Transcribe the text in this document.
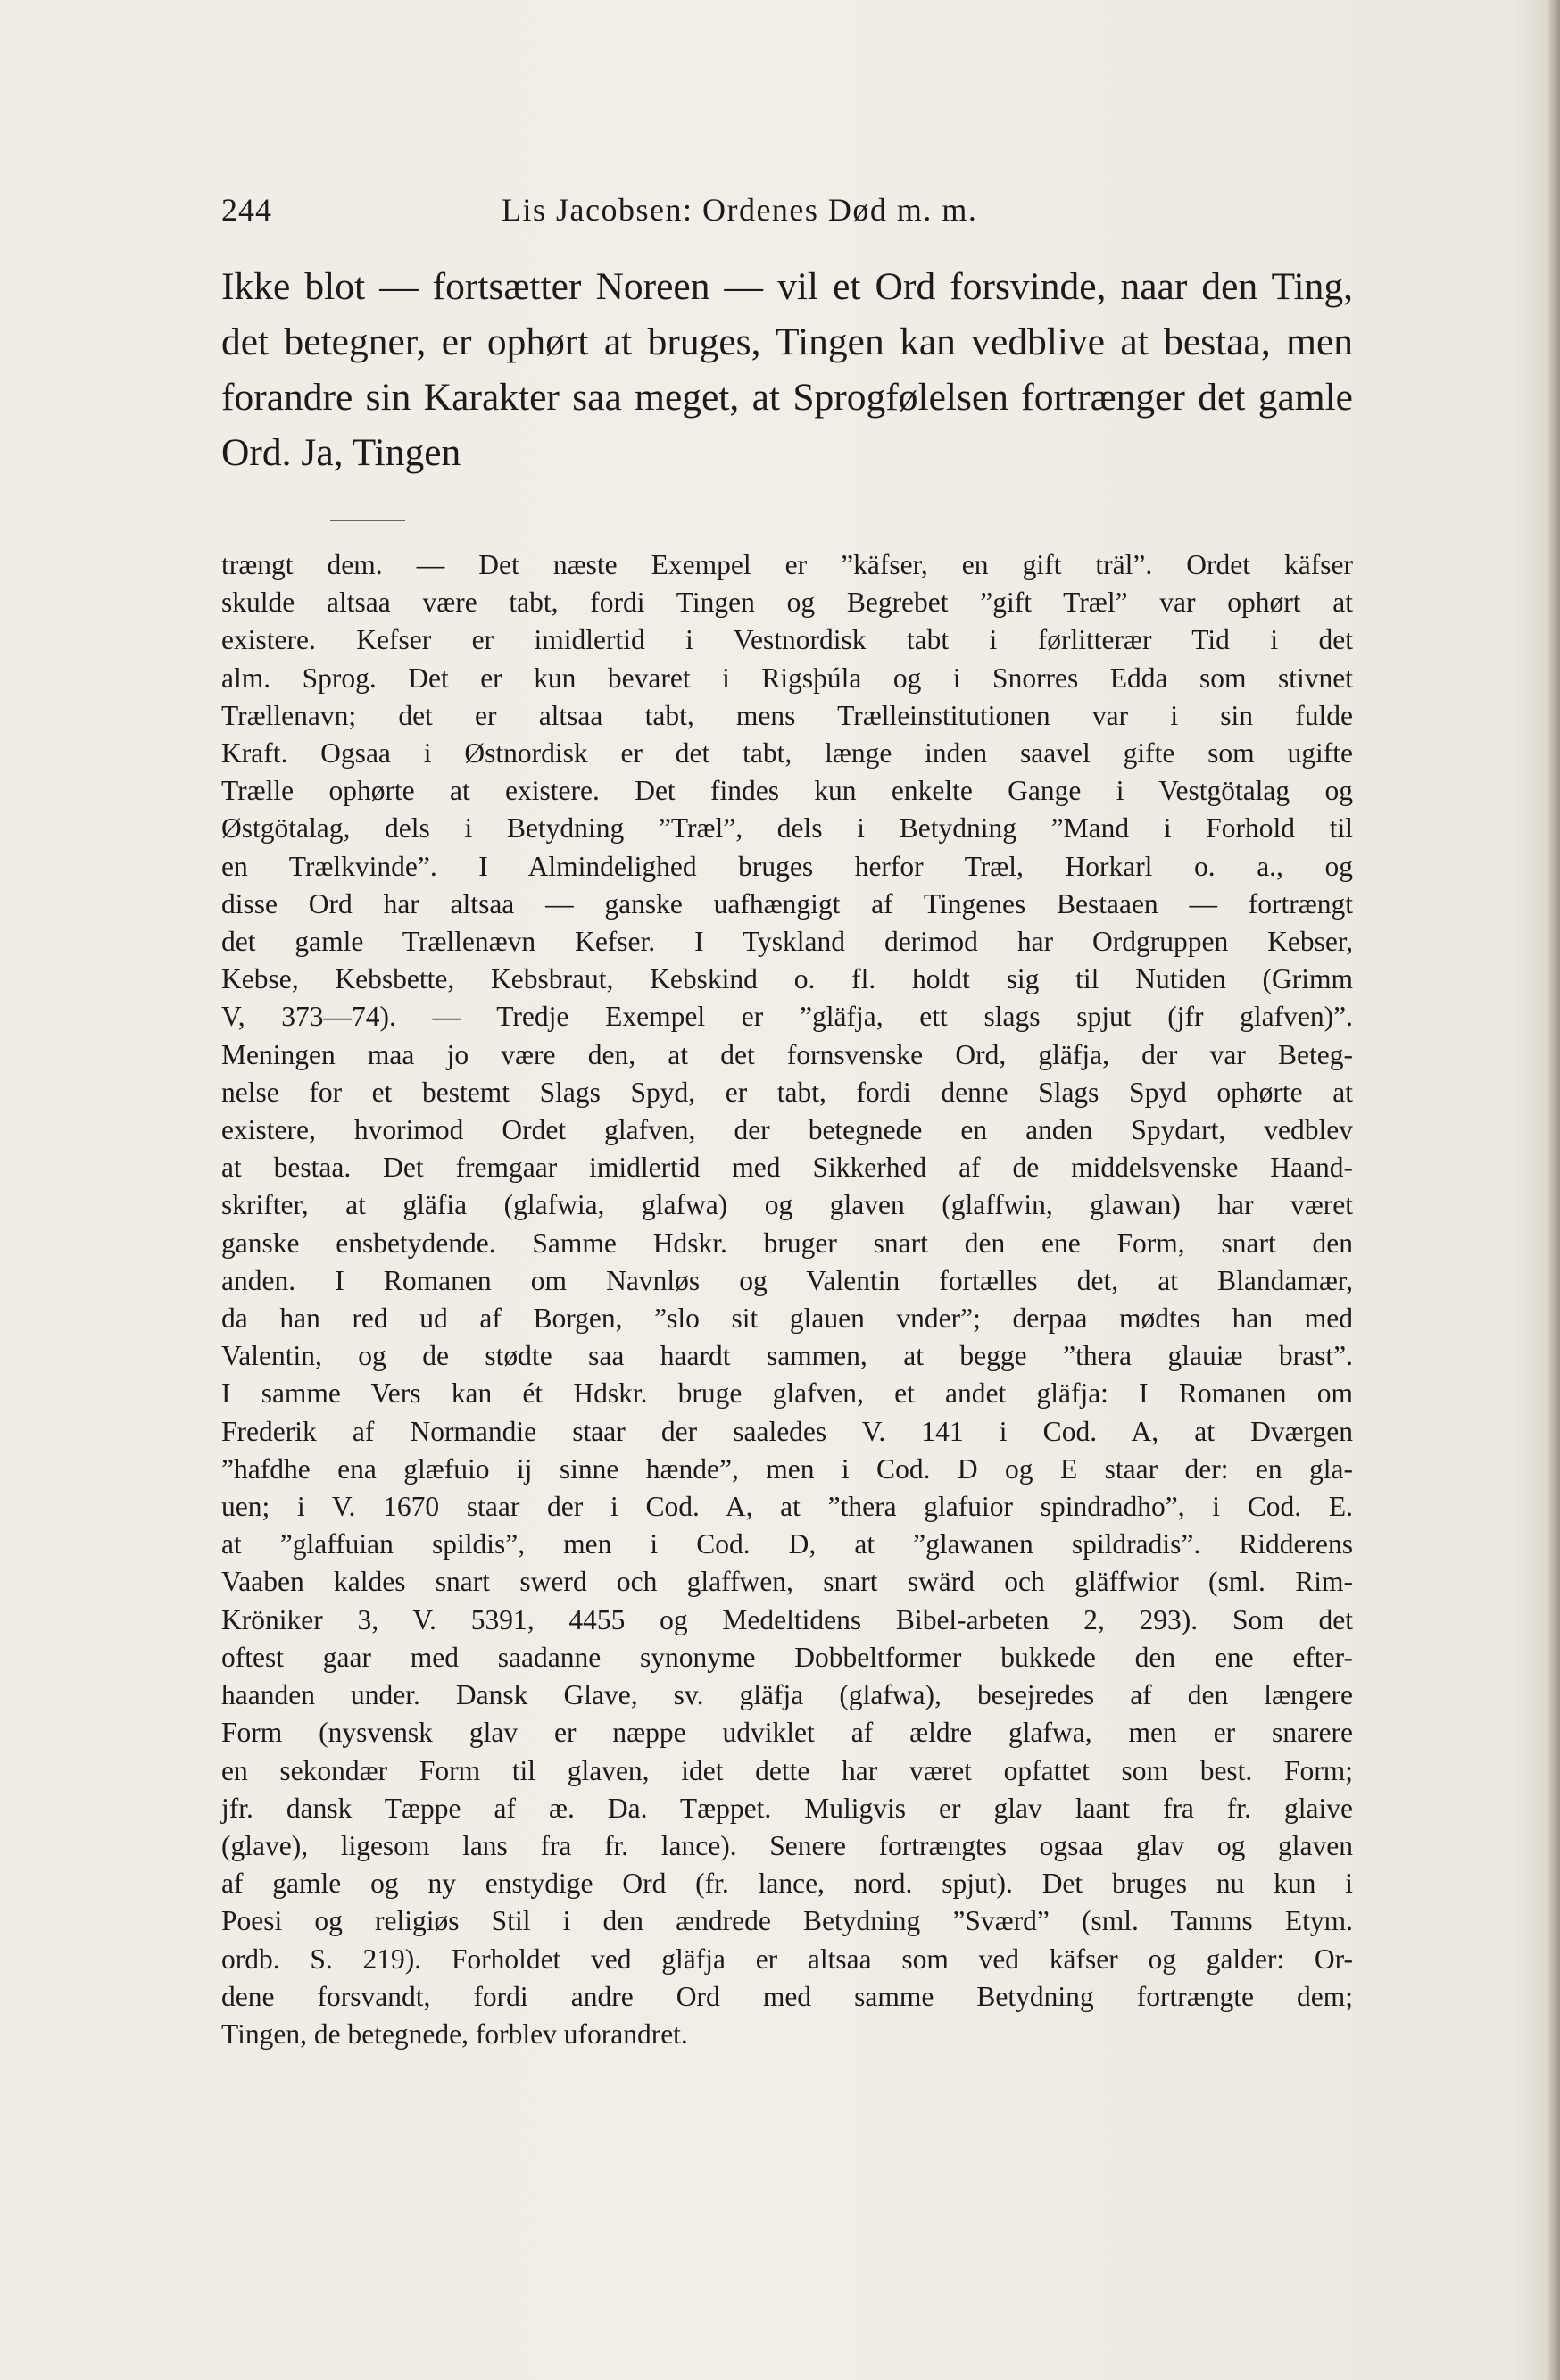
244	Lis Jacobsen: Ordenes Død m. m.
Ikke blot — fortsætter Noreen — vil et Ord forsvinde, naar den Ting, det betegner, er ophørt at bruges, Tingen kan vedblive at bestaa, men forandre sin Karakter saa meget, at Sprogfølelsen fortrænger det gamle Ord. Ja, Tingen
trængt dem. — Det næste Exempel er ”käfser, en gift träl”. Ordet käfser
skulde altsaa være tabt, fordi Tingen og Begrebet ”gift Træl” var ophørt at
existere. Kefser er imidlertid i Vestnordisk tabt i førlitterær Tid i det
alm. Sprog. Det er kun bevaret i Rigsþúla og i Snorres Edda som stivnet
Trællenavn; det er altsaa tabt, mens Trælleinstitutionen var i sin fulde
Kraft. Ogsaa i Østnordisk er det tabt, længe inden saavel gifte som ugifte
Trælle ophørte at existere. Det findes kun enkelte Gange i Vestgötalag og
Østgötalag, dels i Betydning ”Træl”, dels i Betydning ”Mand i Forhold til
en Trælkvinde”. I Almindelighed bruges herfor Træl, Horkarl o. a., og
disse Ord har altsaa — ganske uafhængigt af Tingenes Bestaaen — fortrængt
det gamle Trællenævn Kefser. I Tyskland derimod har Ordgruppen Kebser,
Kebse, Kebsbette, Kebsbraut, Kebskind o. fl. holdt sig til Nutiden (Grimm
V, 373—74). — Tredje Exempel er ”gläfja, ett slags spjut (jfr glafven)”.
Meningen maa jo være den, at det fornsvenske Ord, gläfja, der var Beteg-
nelse for et bestemt Slags Spyd, er tabt, fordi denne Slags Spyd ophørte at
existere, hvorimod Ordet glafven, der betegnede en anden Spydart, vedblev
at bestaa. Det fremgaar imidlertid med Sikkerhed af de middelsvenske Haand-
skrifter, at gläfia (glafwia, glafwa) og glaven (glaffwin, glawan) har været
ganske ensbetydende. Samme Hdskr. bruger snart den ene Form, snart den
anden. I Romanen om Navnløs og Valentin fortælles det, at Blandamær,
da han red ud af Borgen, ”slo sit glauen vnder”; derpaa mødtes han med
Valentin, og de stødte saa haardt sammen, at begge ”thera glauiæ brast”.
I samme Vers kan ét Hdskr. bruge glafven, et andet gläfja: I Romanen om
Frederik af Normandie staar der saaledes V. 141 i Cod. A, at Dværgen
”hafdhe ena glæfuio ij sinne hænde”, men i Cod. D og E staar der: en gla-
uen; i V. 1670 staar der i Cod. A, at ”thera glafuior spindradho”, i Cod. E.
at ”glaffuian spildis”, men i Cod. D, at ”glawanen spildradis”. Ridderens
Vaaben kaldes snart swerd och glaffwen, snart swärd och gläffwior (sml. Rim-
Kröniker 3, V. 5391, 4455 og Medeltidens Bibel-arbeten 2, 293). Som det
oftest gaar med saadanne synonyme Dobbeltformer bukkede den ene efter-
haanden under. Dansk Glave, sv. gläfja (glafwa), besejredes af den længere
Form (nysvensk glav er næppe udviklet af ældre glafwa, men er snarere
en sekondær Form til glaven, idet dette har været opfattet som best. Form;
jfr. dansk Tæppe af æ. Da. Tæppet. Muligvis er glav laant fra fr. glaive
(glave), ligesom lans fra fr. lance). Senere fortrængtes ogsaa glav og glaven
af gamle og ny enstydige Ord (fr. lance, nord. spjut). Det bruges nu kun i
Poesi og religiøs Stil i den ændrede Betydning ”Sværd” (sml. Tamms Etym.
ordb. S. 219). Forholdet ved gläfja er altsaa som ved käfser og galder: Or-
dene forsvandt, fordi andre Ord med samme Betydning fortrængte dem;
Tingen, de betegnede, forblev uforandret.
